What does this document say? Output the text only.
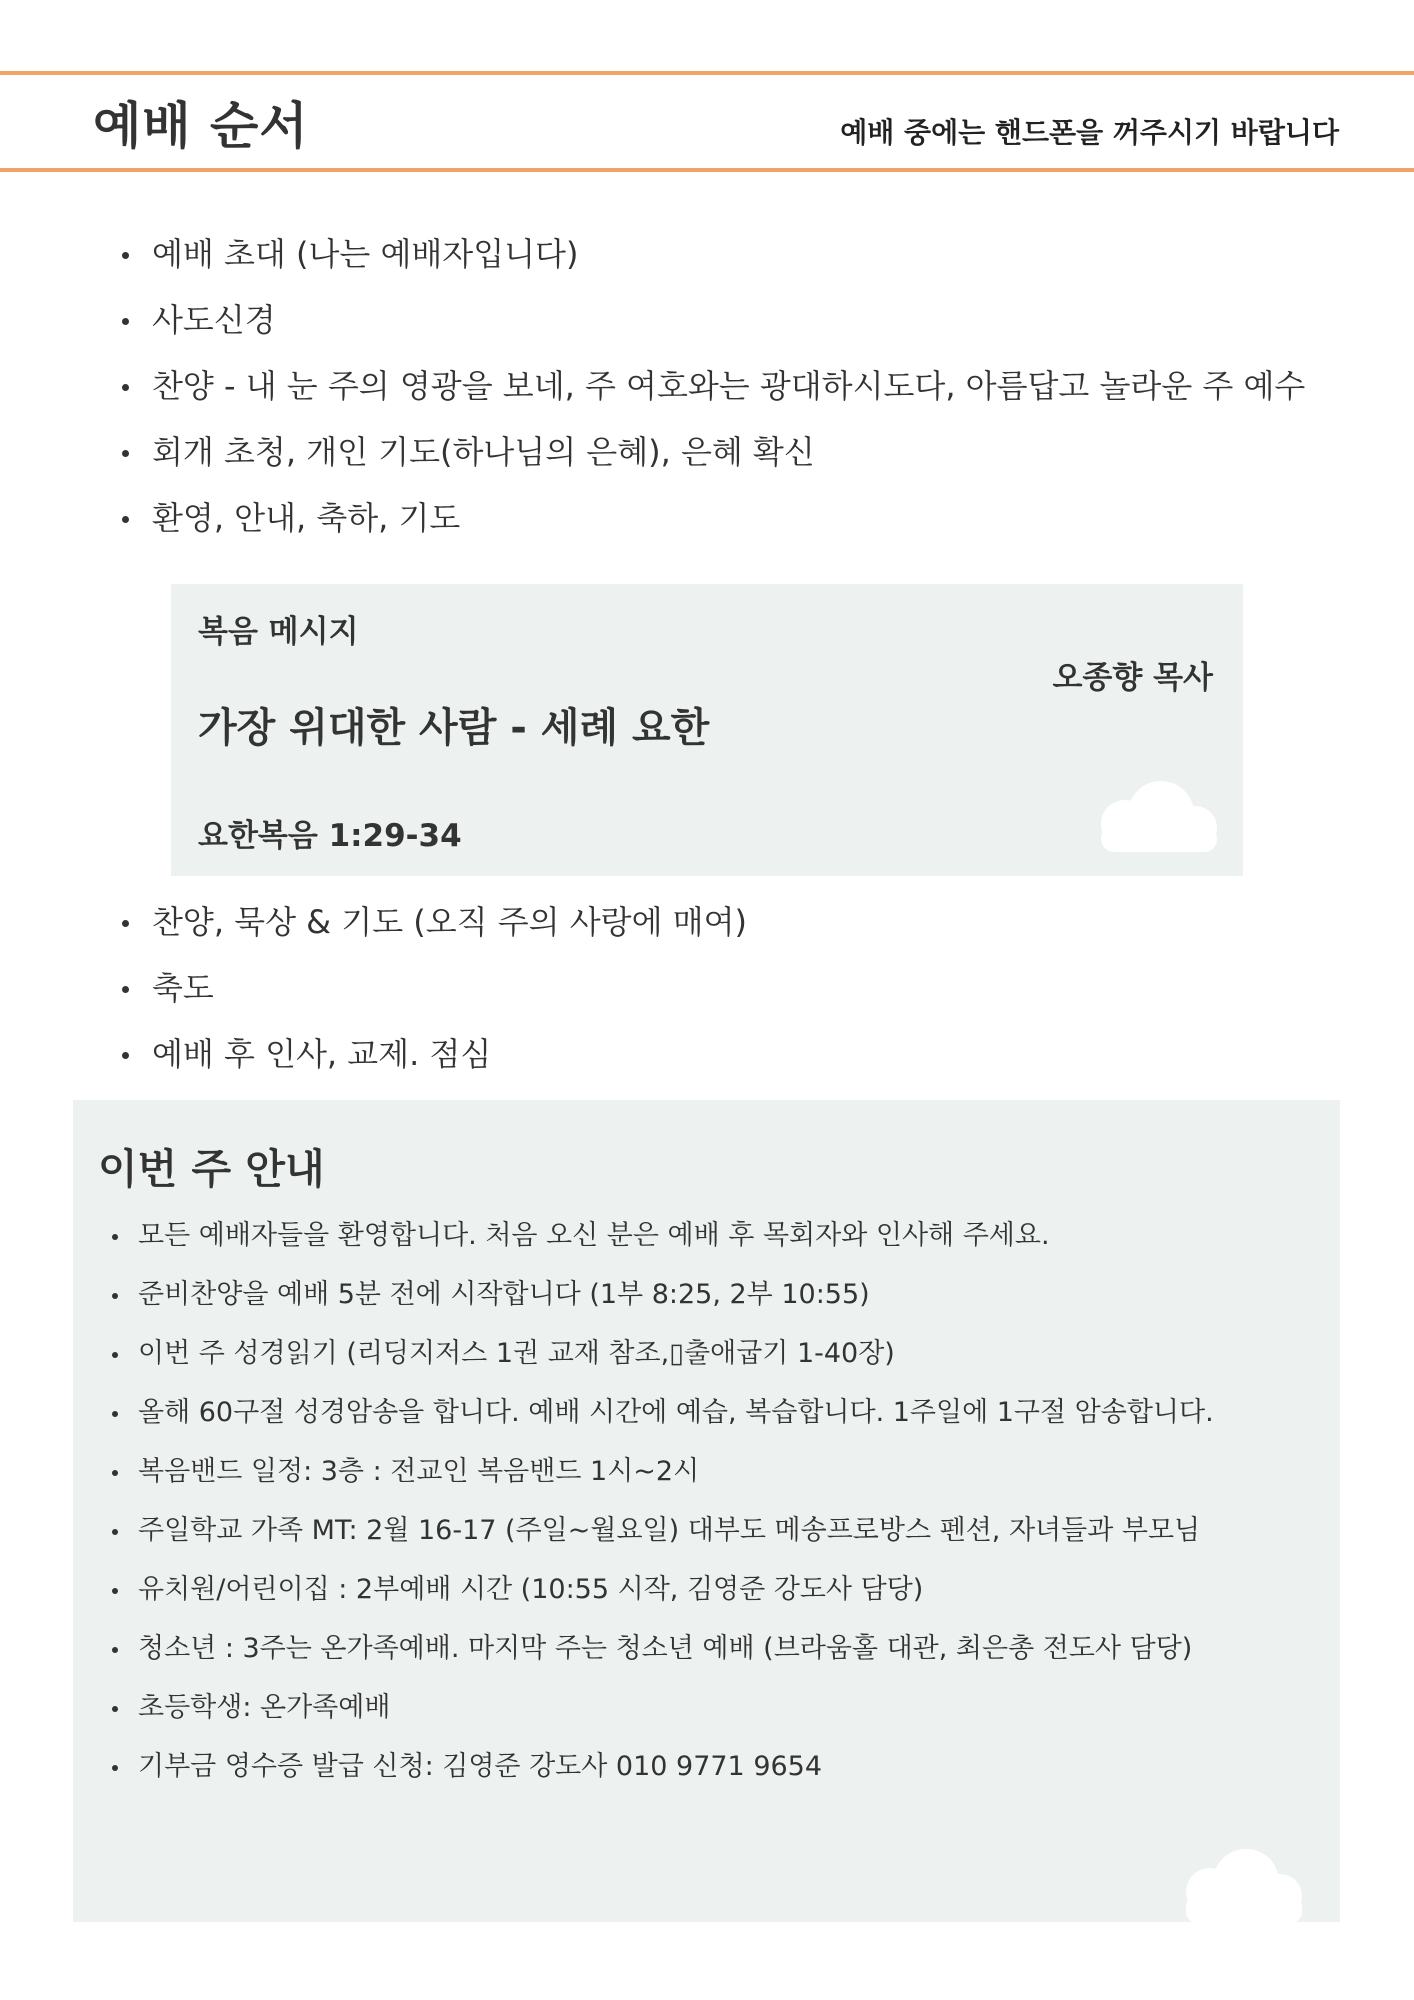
예배 순서	예배 중에는 핸드폰을 꺼주시기 바랍니다
예배 초대 (나는 예배자입니다)
사도신경
찬양 - 내 눈 주의 영광을 보네, 주 여호와는 광대하시도다, 아름답고 놀라운 주 예수
회개 초청, 개인 기도(하나님의 은혜), 은혜 확신
환영, 안내, 축하, 기도
복음 메시지
오종향 목사
가장 위대한 사람 - 세례 요한
요한복음 1:29-34
찬양, 묵상 & 기도 (오직 주의 사랑에 매여)
축도
예배 후 인사, 교제. 점심
이번 주 안내
모든 예배자들을 환영합니다. 처음 오신 분은 예배 후 목회자와 인사해 주세요.
준비찬양을 예배 5분 전에 시작합니다 (1부 8:25, 2부 10:55)
이번 주 성경읽기 (리딩지저스 1권 교재 참조,▯출애굽기 1-40장)
올해 60구절 성경암송을 합니다. 예배 시간에 예습, 복습합니다. 1주일에 1구절 암송합니다.
복음밴드 일정: 3층 : 전교인 복음밴드 1시~2시
주일학교 가족 MT: 2월 16-17 (주일~월요일) 대부도 메송프로방스 펜션, 자녀들과 부모님
유치원/어린이집 : 2부예배 시간 (10:55 시작, 김영준 강도사 담당)
청소년 : 3주는 온가족예배. 마지막 주는 청소년 예배 (브라움홀 대관, 최은총 전도사 담당)
초등학생: 온가족예배
기부금 영수증 발급 신청: 김영준 강도사 010 9771 9654
